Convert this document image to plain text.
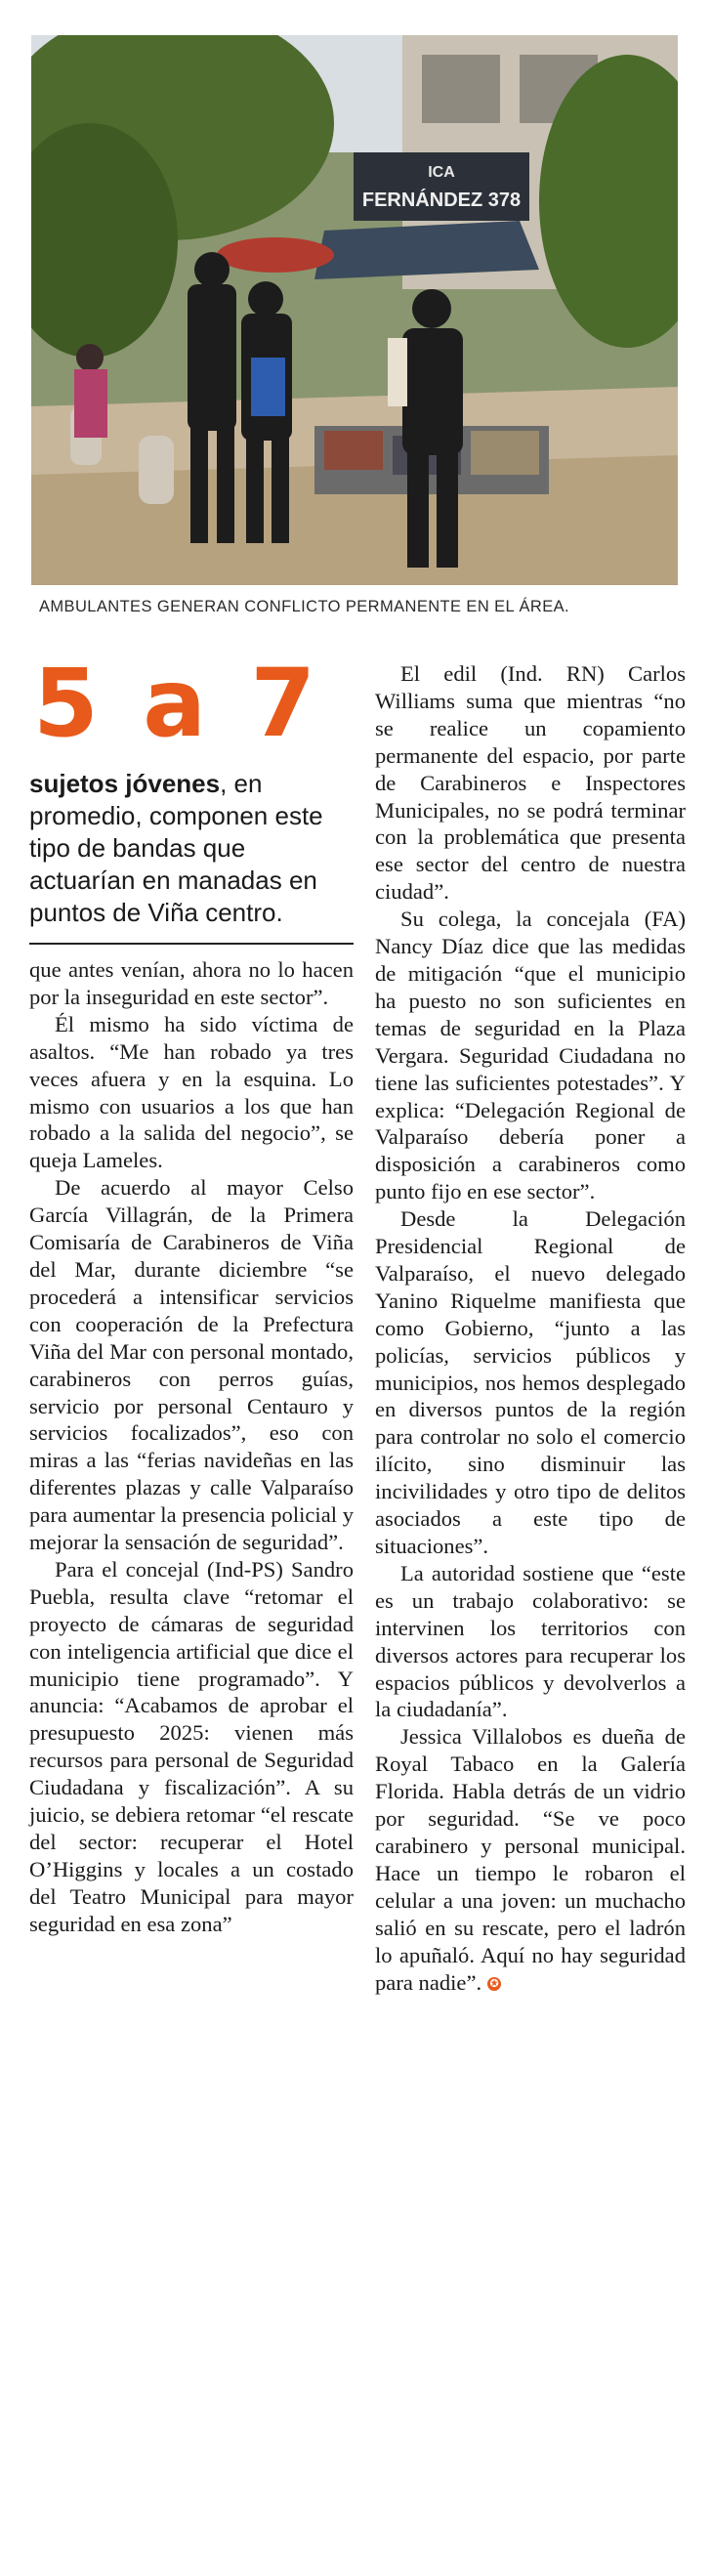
ICA
FERNÁNDEZ 378
AMBULANTES GENERAN CONFLICTO PERMANENTE EN EL ÁREA.
5 a 7
sujetos jóvenes, en promedio, componen este tipo de bandas que actuarían en manadas en puntos de Viña centro.

que antes venían, ahora no lo hacen por la inseguridad en este sector”.

Él mismo ha sido víctima de asaltos. “Me han robado ya tres veces afuera y en la esquina. Lo mismo con usuarios a los que han robado a la salida del negocio”, se queja Lameles.

De acuerdo al mayor Celso García Villagrán, de la Primera Comisaría de Carabineros de Viña del Mar, durante diciembre “se procederá a intensificar servicios con cooperación de la Prefectura Viña del Mar con personal montado, carabineros con perros guías, servicio por personal Centauro y servicios focalizados”, eso con miras a las “ferias navideñas en las diferentes plazas y calle Valparaíso para aumentar la presencia policial y mejorar la sensación de seguridad”.

Para el concejal (Ind-PS) Sandro Puebla, resulta clave “retomar el proyecto de cámaras de seguridad con inteligencia artificial que dice el municipio tiene programado”. Y anuncia: “Acabamos de aprobar el presupuesto 2025: vienen más recursos para personal de Seguridad Ciudadana y fiscalización”. A su juicio, se debiera retomar “el rescate del sector: recuperar el Hotel O’Higgins y locales a un costado del Teatro Municipal para mayor seguridad en esa zona”

El edil (Ind. RN) Carlos Williams suma que mientras “no se realice un copamiento permanente del espacio, por parte de Carabineros e Inspectores Municipales, no se podrá terminar con la problemática que presenta ese sector del centro de nuestra ciudad”.

Su colega, la concejala (FA) Nancy Díaz dice que las medidas de mitigación “que el municipio ha puesto no son suficientes en temas de seguridad en la Plaza Vergara. Seguridad Ciudadana no tiene las suficientes potestades”. Y explica: “Delegación Regional de Valparaíso debería poner a disposición a carabineros como punto fijo en ese sector”.

Desde la Delegación Presidencial Regional de Valparaíso, el nuevo delegado Yanino Riquelme manifiesta que como Gobierno, “junto a las policías, servicios públicos y municipios, nos hemos desplegado en diversos puntos de la región para controlar no solo el comercio ilícito, sino disminuir las incivilidades y otro tipo de delitos asociados a este tipo de situaciones”.

La autoridad sostiene que “este es un trabajo colaborativo: se intervinen los territorios con diversos actores para recuperar los espacios públicos y devolverlos a la ciudadanía”.

Jessica Villalobos es dueña de Royal Tabaco en la Galería Florida. Habla detrás de un vidrio por seguridad. “Se ve poco carabinero y personal municipal. Hace un tiempo le robaron el celular a una joven: un muchacho salió en su rescate, pero el ladrón lo apuñaló. Aquí no hay seguridad para nadie”. ✪
